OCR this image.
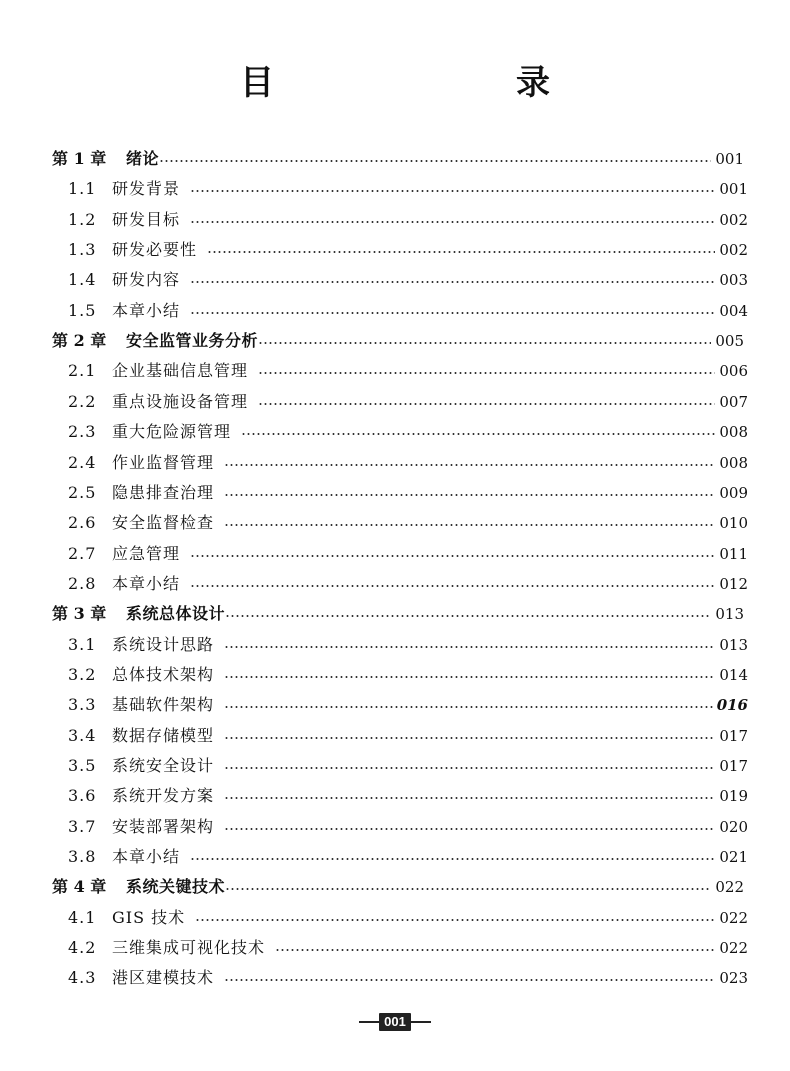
目　　录
第 1 章	绪论	001
1.1 研发背景	001
1.2 研发目标	002
1.3 研发必要性	002
1.4 研发内容	003
1.5 本章小结	004
第 2 章	安全监管业务分析	005
2.1 企业基础信息管理	006
2.2 重点设施设备管理	007
2.3 重大危险源管理	008
2.4 作业监督管理	008
2.5 隐患排查治理	009
2.6 安全监督检查	010
2.7 应急管理	011
2.8 本章小结	012
第 3 章	系统总体设计	013
3.1 系统设计思路	013
3.2 总体技术架构	014
3.3 基础软件架构	016
3.4 数据存储模型	017
3.5 系统安全设计	017
3.6 系统开发方案	019
3.7 安装部署架构	020
3.8 本章小结	021
第 4 章	系统关键技术	022
4.1 GIS 技术	022
4.2 三维集成可视化技术	022
4.3 港区建模技术	023
001
